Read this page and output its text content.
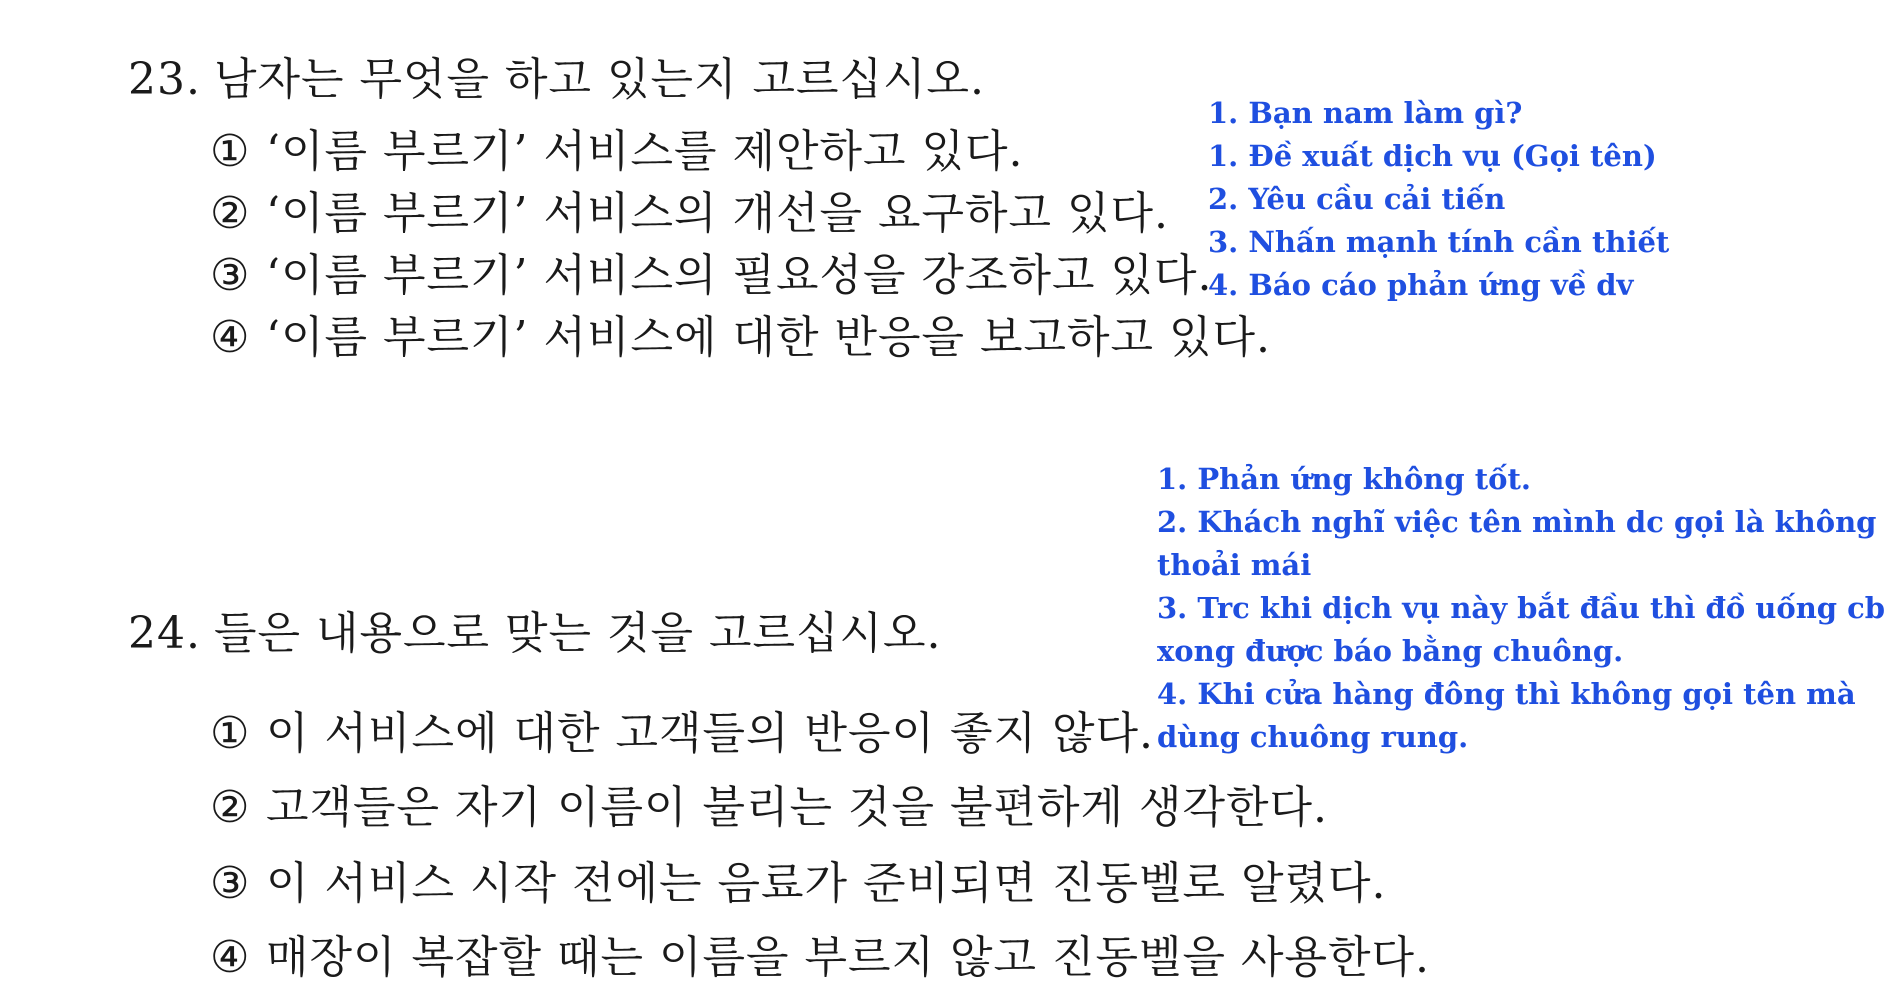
23. 남자는 무엇을 하고 있는지 고르십시오.
① ‘이름 부르기’ 서비스를 제안하고 있다.
② ‘이름 부르기’ 서비스의 개선을 요구하고 있다.
③ ‘이름 부르기’ 서비스의 필요성을 강조하고 있다.
④ ‘이름 부르기’ 서비스에 대한 반응을 보고하고 있다.
1. Bạn nam làm gì?
1. Đề xuất dịch vụ (Gọi tên)
2. Yêu cầu cải tiến
3. Nhấn mạnh tính cần thiết
4. Báo cáo phản ứng về dv
1. Phản ứng không tốt.
2. Khách nghĩ việc tên mình dc gọi là không
thoải mái
3. Trc khi dịch vụ này bắt đầu thì đồ uống cb
xong được báo bằng chuông.
4. Khi cửa hàng đông thì không gọi tên mà
dùng chuông rung.
24. 들은 내용으로 맞는 것을 고르십시오.
① 이 서비스에 대한 고객들의 반응이 좋지 않다.
② 고객들은 자기 이름이 불리는 것을 불편하게 생각한다.
③ 이 서비스 시작 전에는 음료가 준비되면 진동벨로 알렸다.
④ 매장이 복잡할 때는 이름을 부르지 않고 진동벨을 사용한다.
